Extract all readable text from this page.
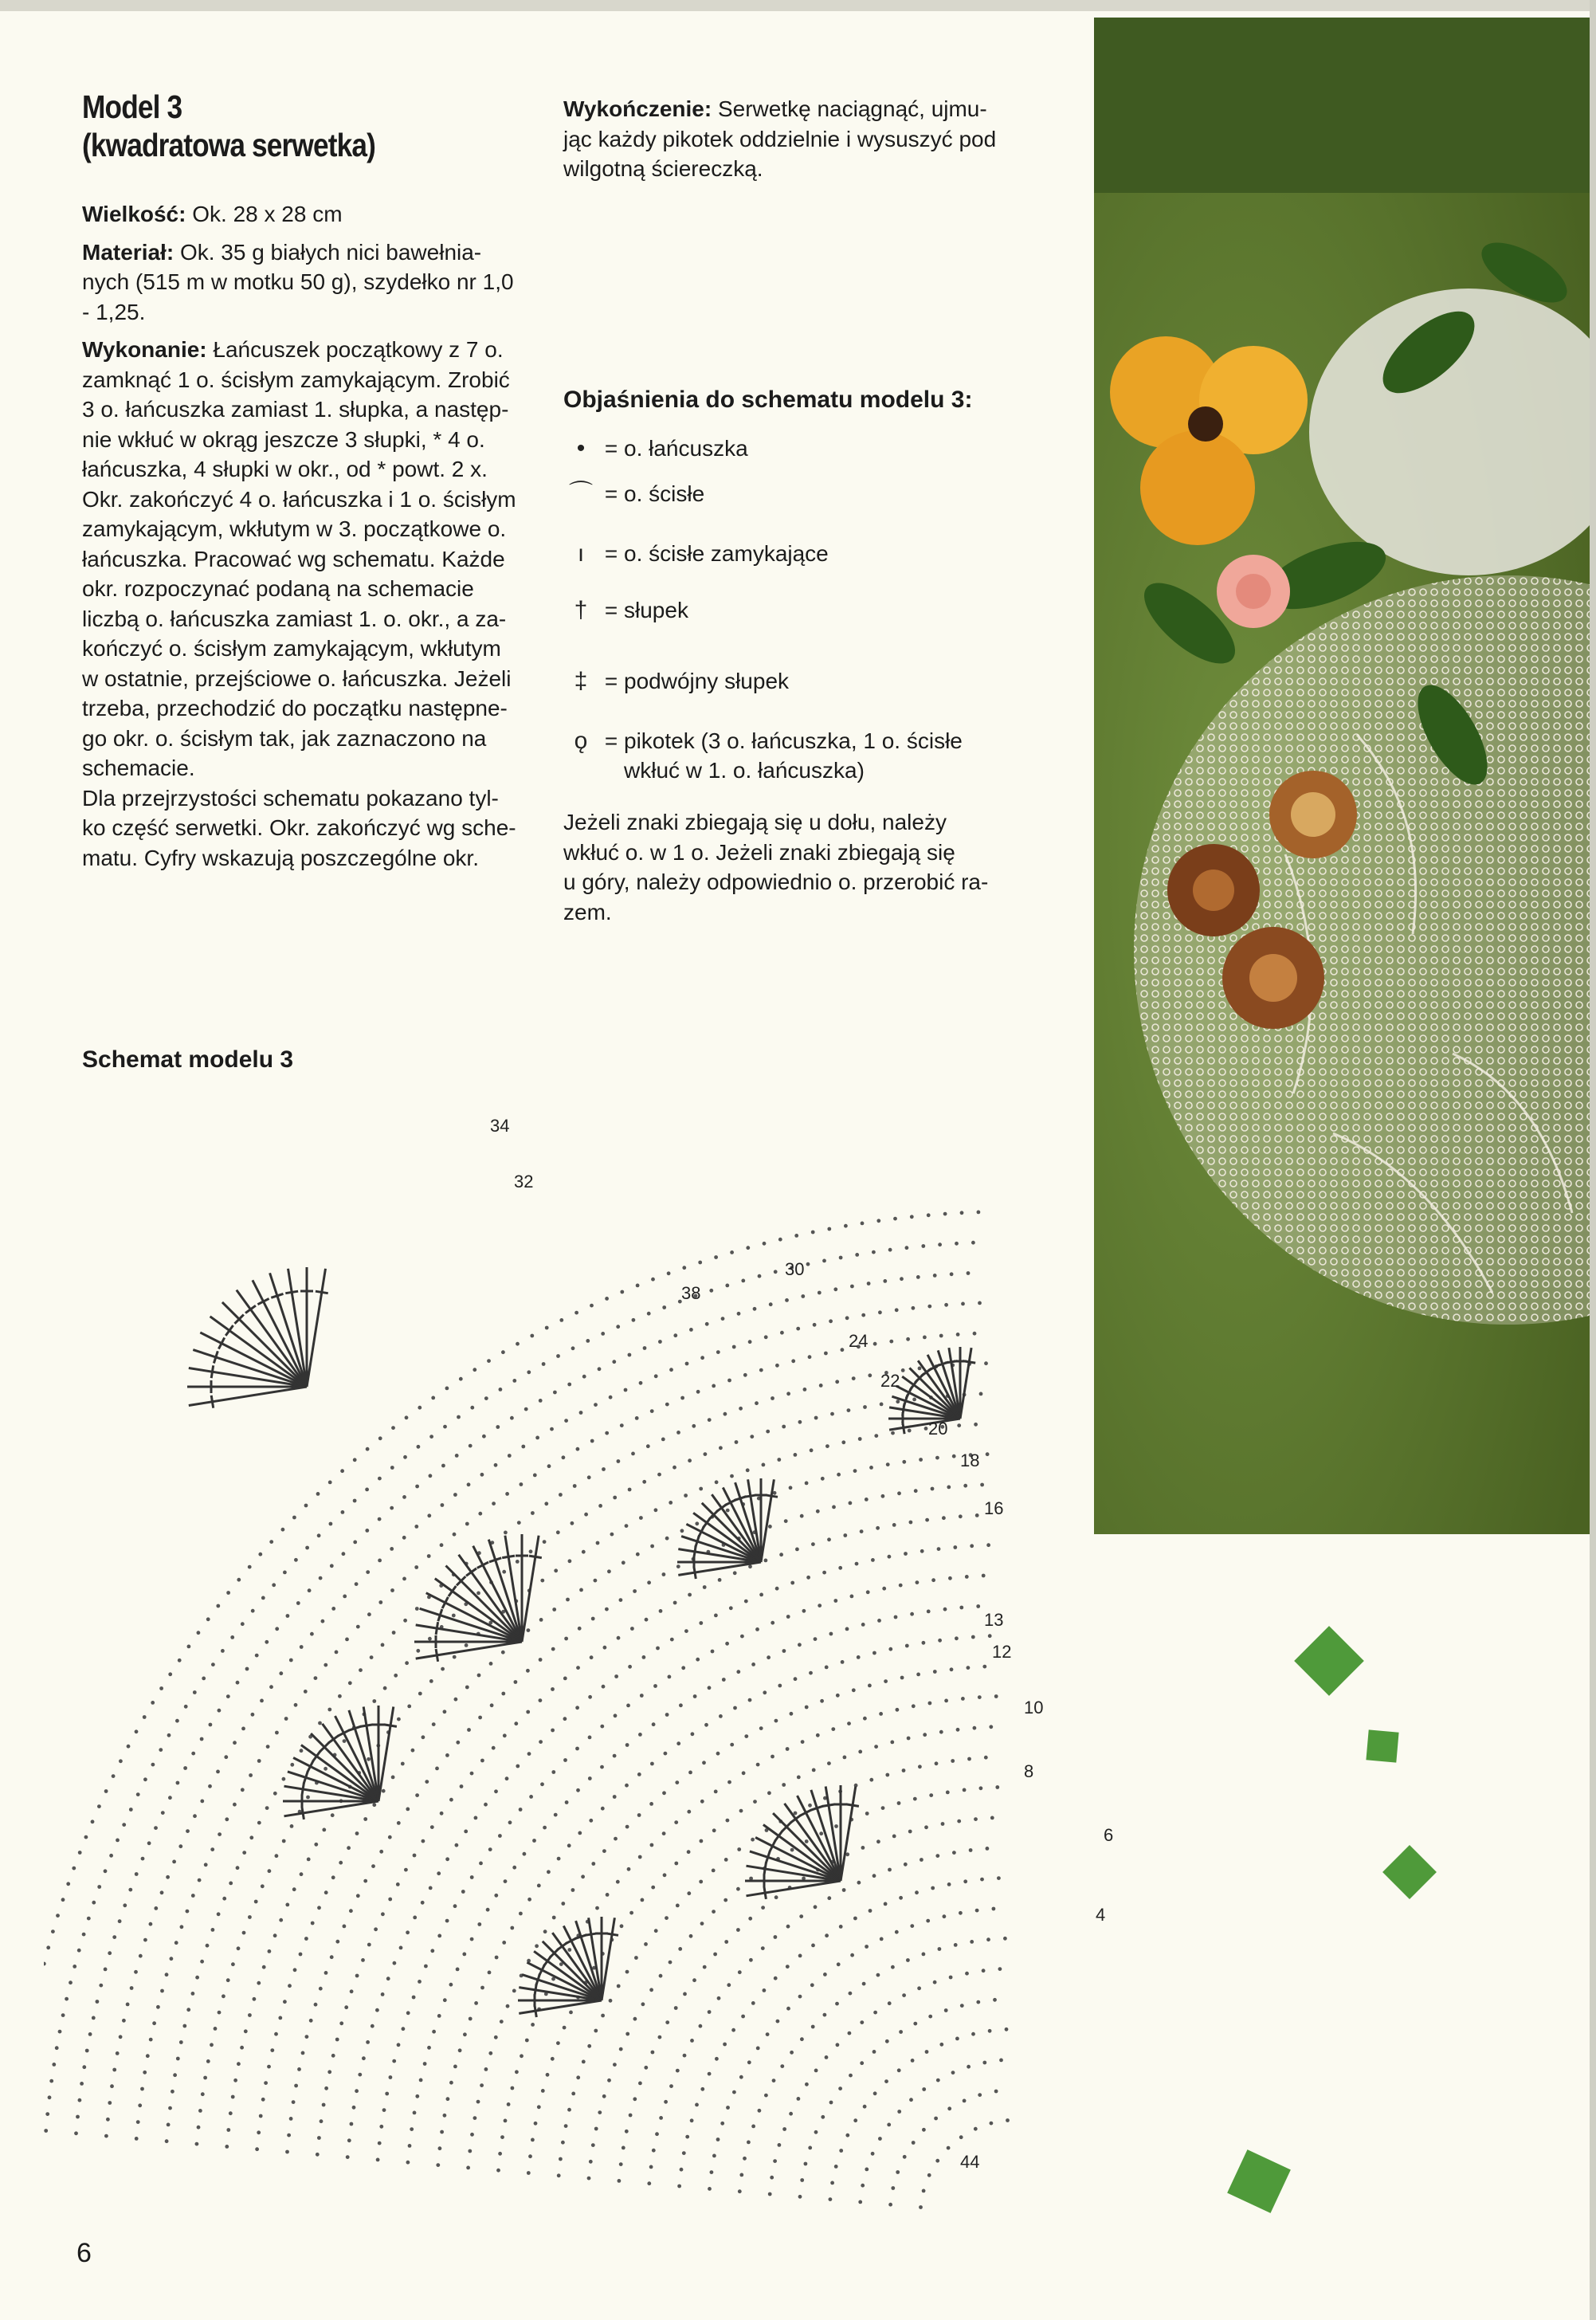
Model 3
(kwadratowa serwetka)

Wielkość: Ok. 28 x 28 cm

Materiał: Ok. 35 g białych nici bawełnia-
nych (515 m w motku 50 g), szydełko nr 1,0
- 1,25.

Wykonanie: Łańcuszek początkowy z 7 o.
zamknąć 1 o. ścisłym zamykającym. Zrobić
3 o. łańcuszka zamiast 1. słupka, a następ-
nie wkłuć w okrąg jeszcze 3 słupki, * 4 o.
łańcuszka, 4 słupki w okr., od * powt. 2 x.
Okr. zakończyć 4 o. łańcuszka i 1 o. ścisłym
zamykającym, wkłutym w 3. początkowe o.
łańcuszka. Pracować wg schematu. Każde
okr. rozpoczynać podaną na schemacie
liczbą o. łańcuszka zamiast 1. o. okr., a za-
kończyć o. ścisłym zamykającym, wkłutym
w ostatnie, przejściowe o. łańcuszka. Jeżeli
trzeba, przechodzić do początku następne-
go okr. o. ścisłym tak, jak zaznaczono na
schemacie.
Dla przejrzystości schematu pokazano tyl-
ko część serwetki. Okr. zakończyć wg sche-
matu. Cyfry wskazują poszczególne okr.

Wykończenie: Serwetkę naciągnąć, ujmu-
jąc każdy pikotek oddzielnie i wysuszyć pod
wilgotną ściereczką.

Objaśnienia do schematu modelu 3:
• = o. łańcuszka
⌒ = o. ścisłe
ı = o. ścisłe zamykające
† = słupek
‡ = podwójny słupek
ǫ = pikotek (3 o. łańcuszka, 1 o. ścisłe wkłuć w 1. o. łańcuszka)
Jeżeli znaki zbiegają się u dołu, należy
wkłuć o. w 1 o. Jeżeli znaki zbiegają się
u góry, należy odpowiednio o. przerobić ra-
zem.
Schemat modelu 3
44
38
34
32
30
24
22
20
18
16
13
12
10
8
6
4
6
